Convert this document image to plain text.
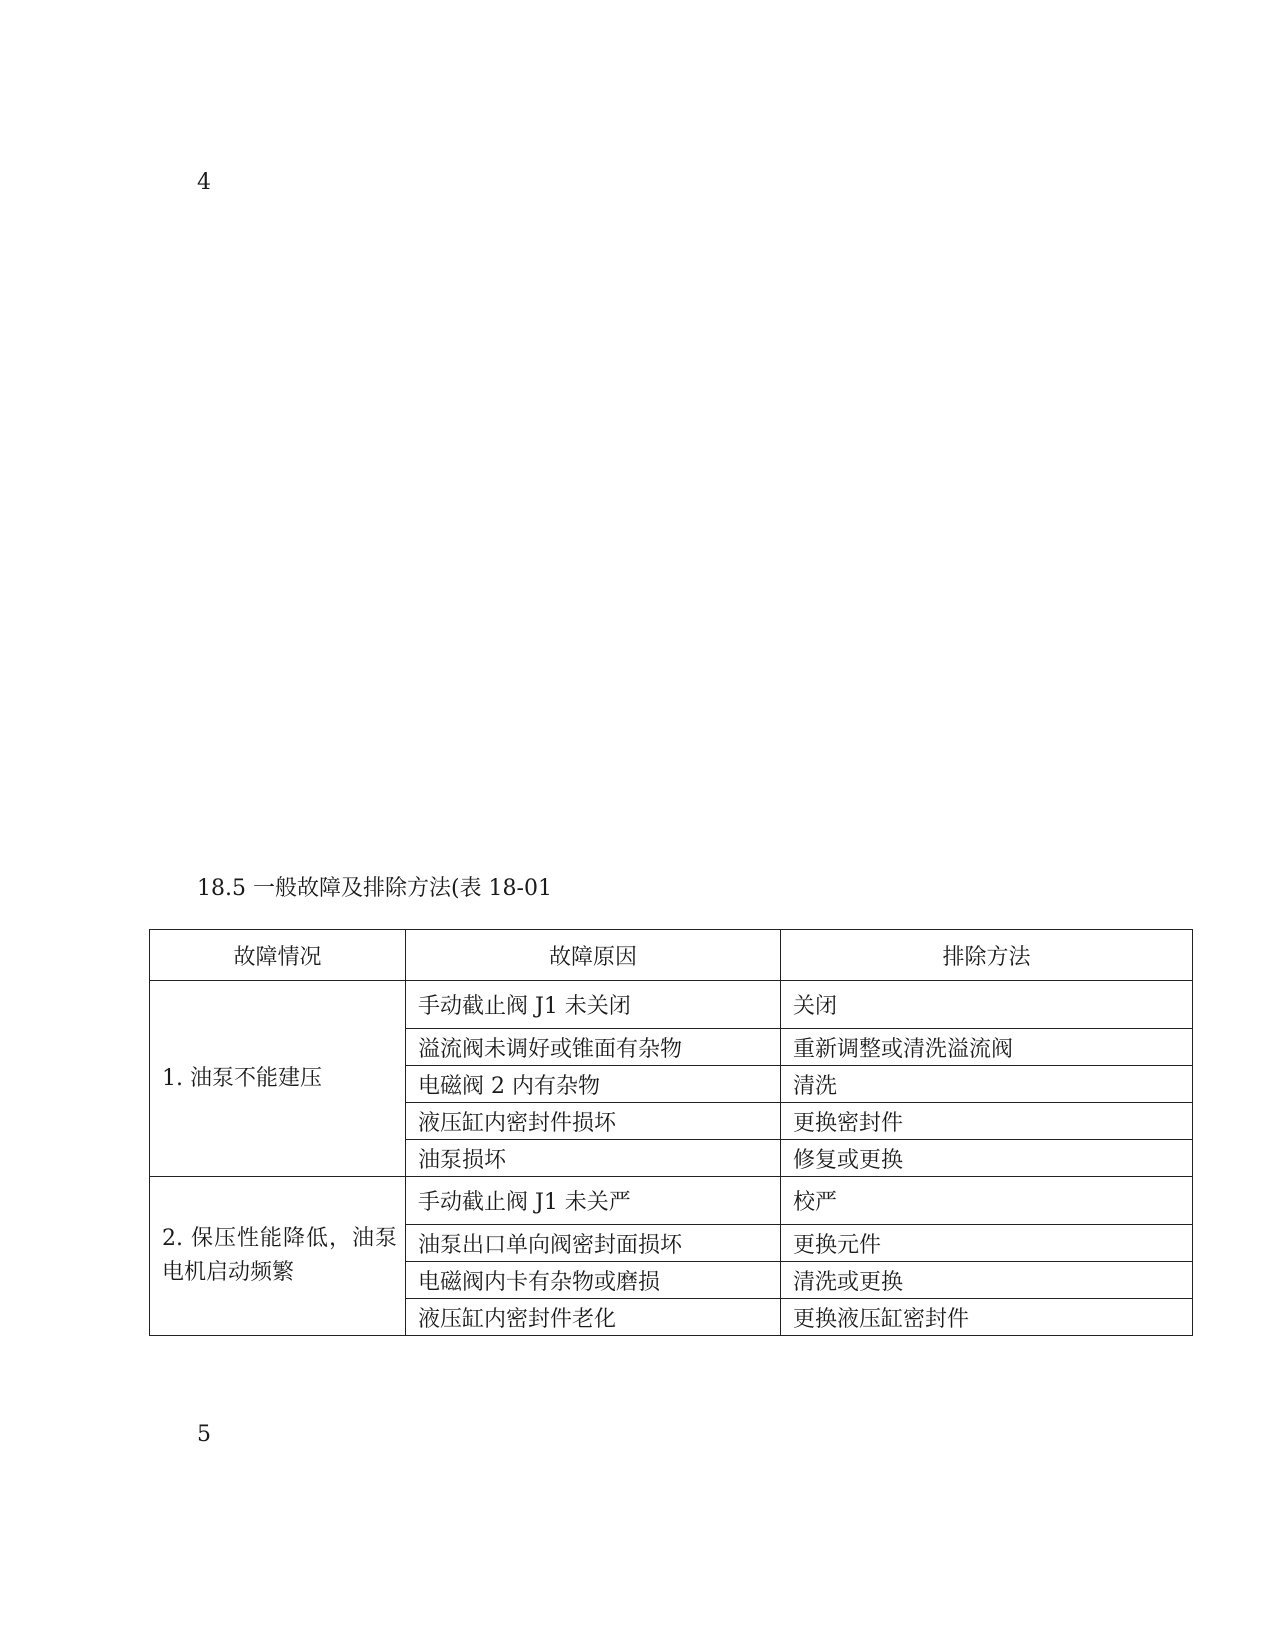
4
18.5 一般故障及排除方法(表 18-01
故障情况	故障原因	排除方法
1. 油泵不能建压	手动截止阀 J1 未关闭	关闭
	溢流阀未调好或锥面有杂物	重新调整或清洗溢流阀
	电磁阀 2 内有杂物	清洗
	液压缸内密封件损坏	更换密封件
	油泵损坏	修复或更换
2. 保压性能降低，油泵电机启动频繁	手动截止阀 J1 未关严	校严
	油泵出口单向阀密封面损坏	更换元件
	电磁阀内卡有杂物或磨损	清洗或更换
	液压缸内密封件老化	更换液压缸密封件
5
